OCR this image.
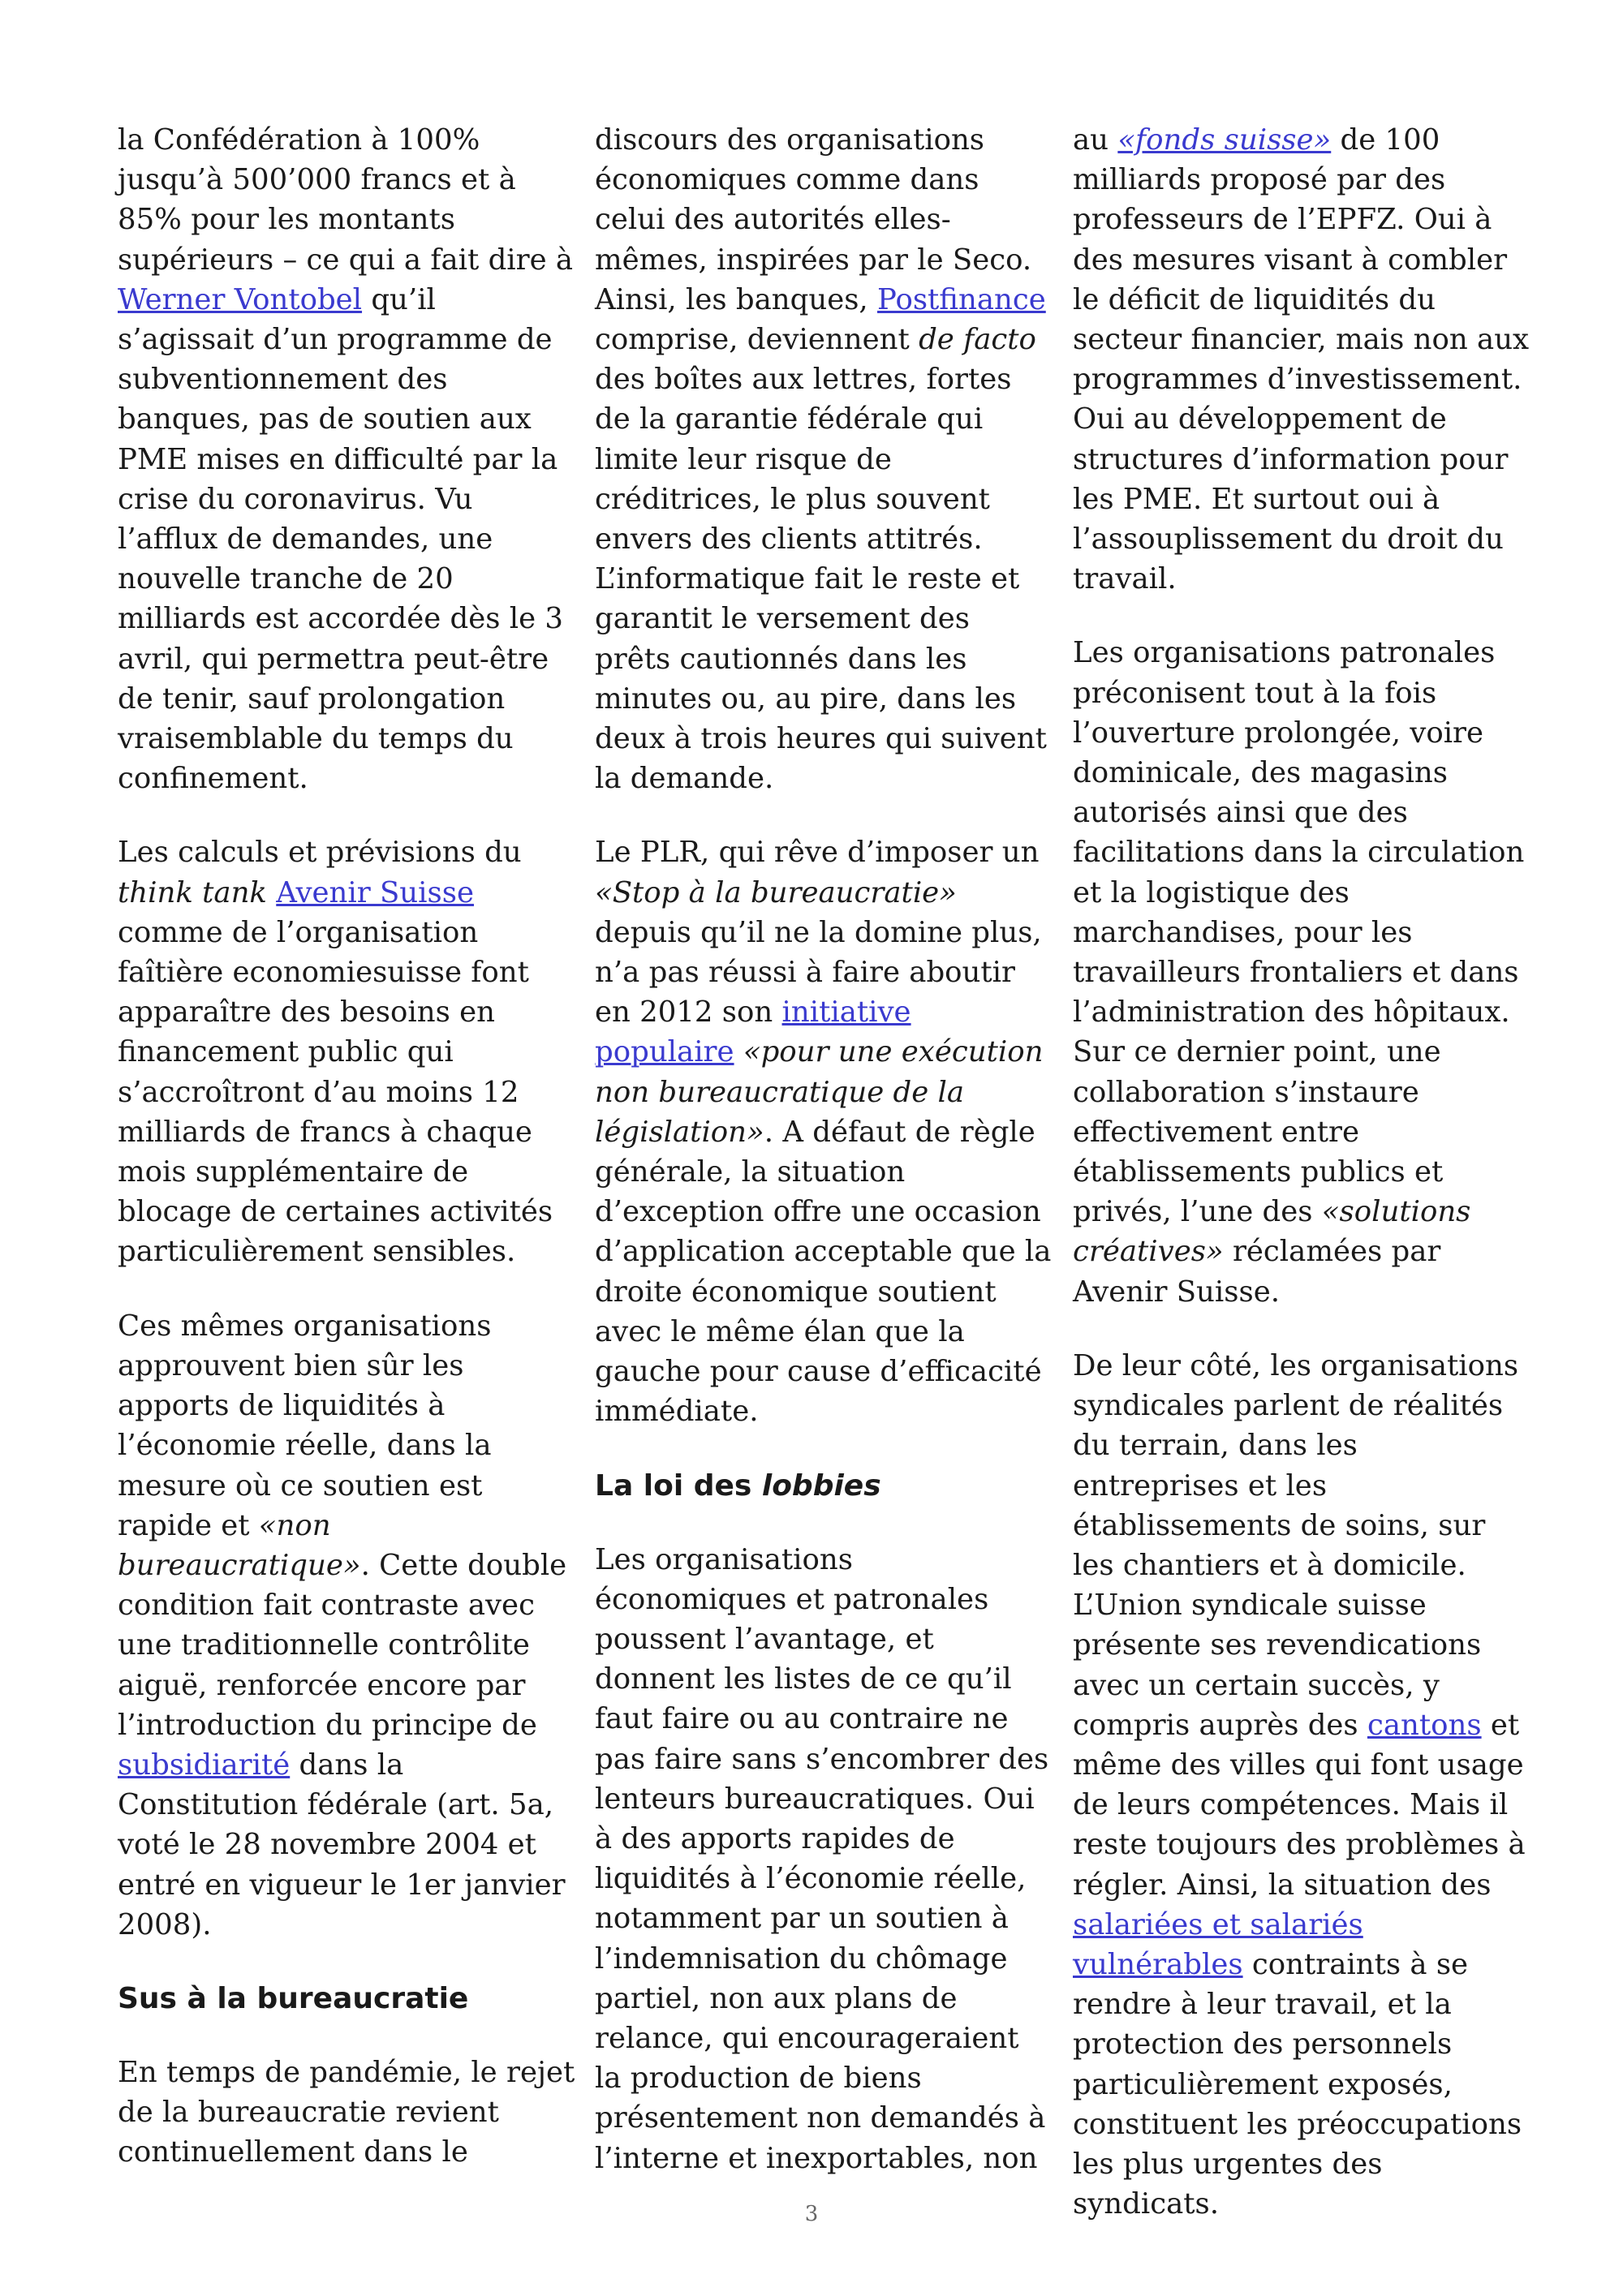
la Confédération à 100% jusqu’à 500’000 francs et à 85% pour les montants supérieurs – ce qui a fait dire à Werner Vontobel qu’il s’agissait d’un programme de subventionnement des banques, pas de soutien aux PME mises en difficulté par la crise du coronavirus. Vu l’afflux de demandes, une nouvelle tranche de 20 milliards est accordée dès le 3 avril, qui permettra peut-être de tenir, sauf prolongation vraisemblable du temps du confinement.

Les calculs et prévisions du think tank Avenir Suisse comme de l’organisation faîtière economiesuisse font apparaître des besoins en financement public qui s’accroîtront d’au moins 12 milliards de francs à chaque mois supplémentaire de blocage de certaines activités particulièrement sensibles.

Ces mêmes organisations approuvent bien sûr les apports de liquidités à l’économie réelle, dans la mesure où ce soutien est rapide et «non bureaucratique». Cette double condition fait contraste avec une traditionnelle contrôlite aiguë, renforcée encore par l’introduction du principe de subsidiarité dans la Constitution fédérale (art. 5a, voté le 28 novembre 2004 et entré en vigueur le 1er janvier 2008).

Sus à la bureaucratie

En temps de pandémie, le rejet de la bureaucratie revient continuellement dans le

discours des organisations économiques comme dans celui des autorités elles-mêmes, inspirées par le Seco. Ainsi, les banques, Postfinance comprise, deviennent de facto des boîtes aux lettres, fortes de la garantie fédérale qui limite leur risque de créditrices, le plus souvent envers des clients attitrés. L’informatique fait le reste et garantit le versement des prêts cautionnés dans les minutes ou, au pire, dans les deux à trois heures qui suivent la demande.

Le PLR, qui rêve d’imposer un «Stop à la bureaucratie» depuis qu’il ne la domine plus, n’a pas réussi à faire aboutir en 2012 son initiative populaire «pour une exécution non bureaucratique de la législation». A défaut de règle générale, la situation d’exception offre une occasion d’application acceptable que la droite économique soutient avec le même élan que la gauche pour cause d’efficacité immédiate.

La loi des lobbies

Les organisations économiques et patronales poussent l’avantage, et donnent les listes de ce qu’il faut faire ou au contraire ne pas faire sans s’encombrer des lenteurs bureaucratiques. Oui à des apports rapides de liquidités à l’économie réelle, notamment par un soutien à l’indemnisation du chômage partiel, non aux plans de relance, qui encourageraient la production de biens présentement non demandés à l’interne et inexportables, non

au «fonds suisse» de 100 milliards proposé par des professeurs de l’EPFZ. Oui à des mesures visant à combler le déficit de liquidités du secteur financier, mais non aux programmes d’investissement. Oui au développement de structures d’information pour les PME. Et surtout oui à l’assouplissement du droit du travail.

Les organisations patronales préconisent tout à la fois l’ouverture prolongée, voire dominicale, des magasins autorisés ainsi que des facilitations dans la circulation et la logistique des marchandises, pour les travailleurs frontaliers et dans l’administration des hôpitaux. Sur ce dernier point, une collaboration s’instaure effectivement entre établissements publics et privés, l’une des «solutions créatives» réclamées par Avenir Suisse.

De leur côté, les organisations syndicales parlent de réalités du terrain, dans les entreprises et les établissements de soins, sur les chantiers et à domicile. L’Union syndicale suisse présente ses revendications avec un certain succès, y compris auprès des cantons et même des villes qui font usage de leurs compétences. Mais il reste toujours des problèmes à régler. Ainsi, la situation des salariées et salariés vulnérables contraints à se rendre à leur travail, et la protection des personnels particulièrement exposés, constituent les préoccupations les plus urgentes des syndicats.

3
